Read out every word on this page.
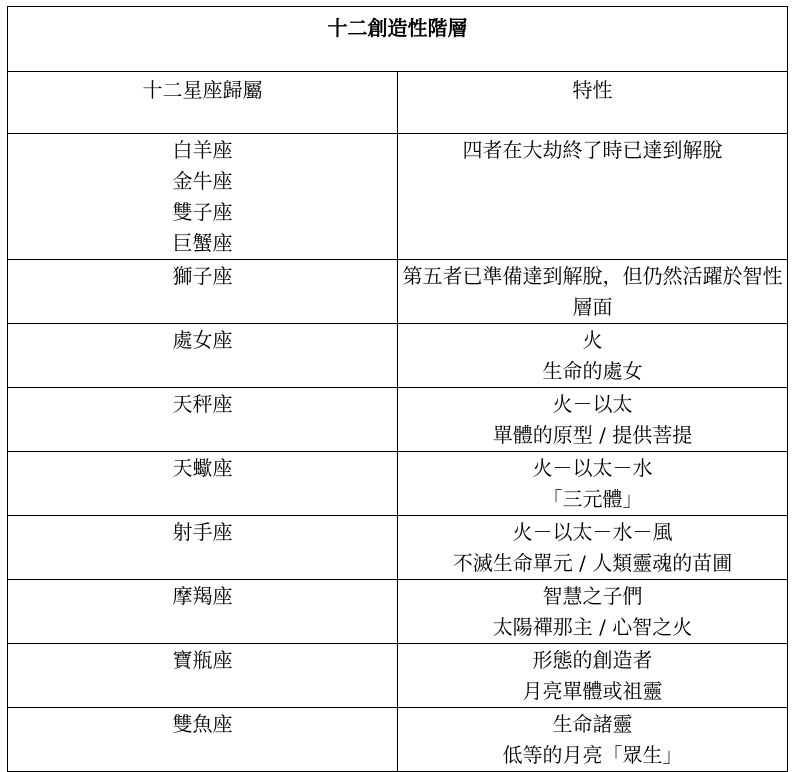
十二創造性階層	
十二星座歸屬	特性

白羊座
金牛座
雙子座
巨蟹座	四者在大劫終了時已達到解脫

獅子座	第五者已準備達到解脫，但仍然活躍於智性層面

處女座	火
生命的處女

天秤座	火－以太
單體的原型 / 提供菩提

天蠍座	火－以太－水
「三元體」

射手座	火－以太－水－風
不滅生命單元 / 人類靈魂的苗圃

摩羯座	智慧之子們
太陽禪那主 / 心智之火

寶瓶座	形態的創造者
月亮單體或祖靈

雙魚座	生命諸靈
低等的月亮「眾生」
